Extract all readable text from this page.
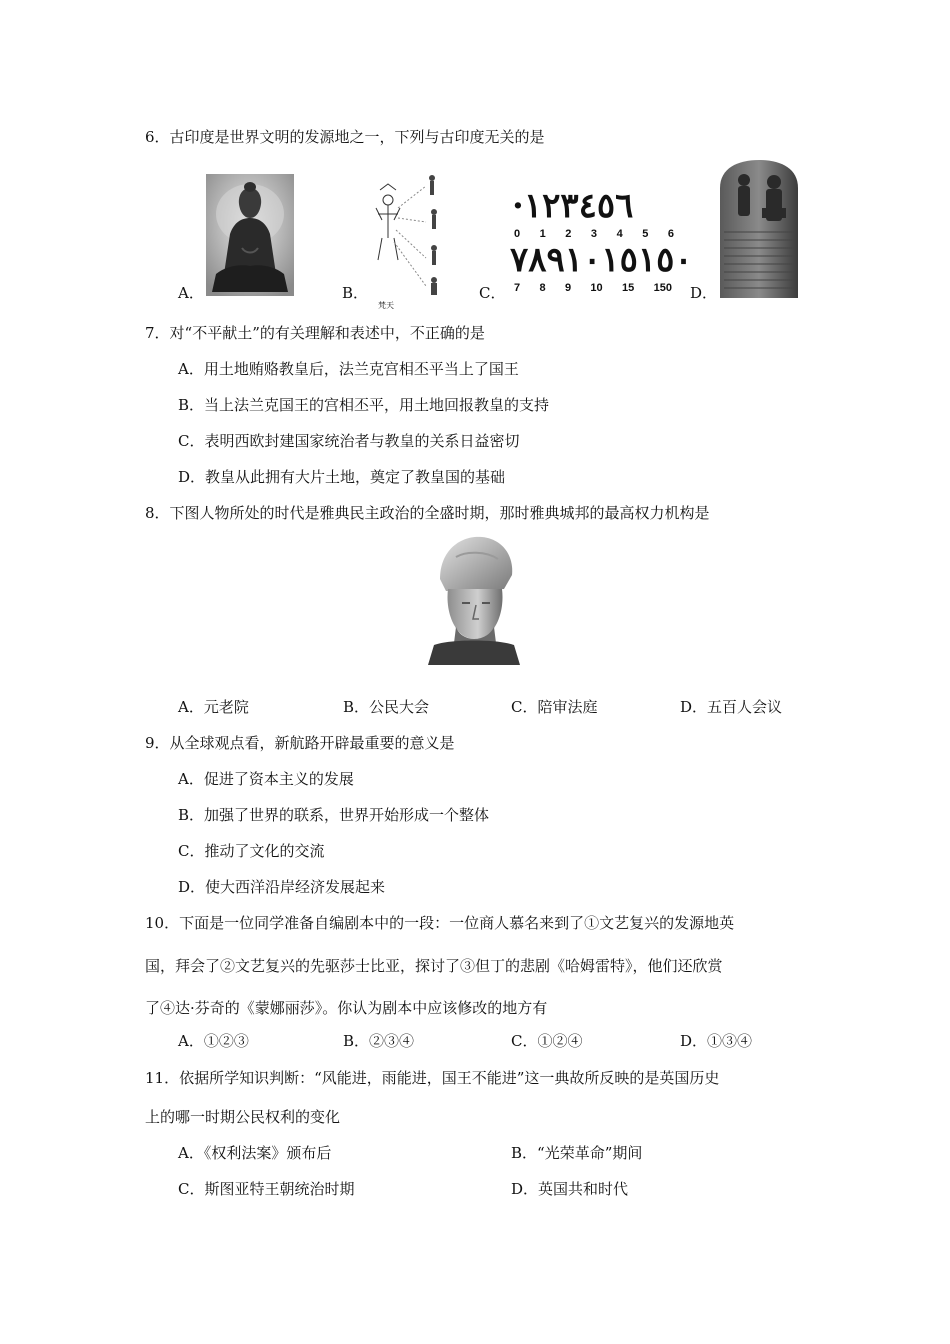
6．古印度是世界文明的发源地之一，下列与古印度无关的是
A．
梵天
B．
·١٢٣٤٥٦
0 1 2 3 4 5 6
٧٨٩١٠١٥١٥٠
7 8 9 10 15 150
C．	D．
7．对“不平献土”的有关理解和表述中，不正确的是
A．用土地贿赂教皇后，法兰克宫相丕平当上了国王
B．当上法兰克国王的宫相丕平，用土地回报教皇的支持
C．表明西欧封建国家统治者与教皇的关系日益密切
D．教皇从此拥有大片土地，奠定了教皇国的基础
8．下图人物所处的时代是雅典民主政治的全盛时期，那时雅典城邦的最高权力机构是
A．元老院	B．公民大会	C．陪审法庭	D．五百人会议
9．从全球观点看，新航路开辟最重要的意义是
A．促进了资本主义的发展
B．加强了世界的联系，世界开始形成一个整体
C．推动了文化的交流
D．使大西洋沿岸经济发展起来
10．下面是一位同学准备自编剧本中的一段：一位商人慕名来到了①文艺复兴的发源地英
国，拜会了②文艺复兴的先驱莎士比亚，探讨了③但丁的悲剧《哈姆雷特》，他们还欣赏
了④达·芬奇的《蒙娜丽莎》。你认为剧本中应该修改的地方有
A．①②③	B．②③④	C．①②④	D．①③④
11．依据所学知识判断：“风能进，雨能进，国王不能进”这一典故所反映的是英国历史
上的哪一时期公民权利的变化
A．《权利法案》颁布后	B．“光荣革命”期间
C．斯图亚特王朝统治时期	D．英国共和时代
